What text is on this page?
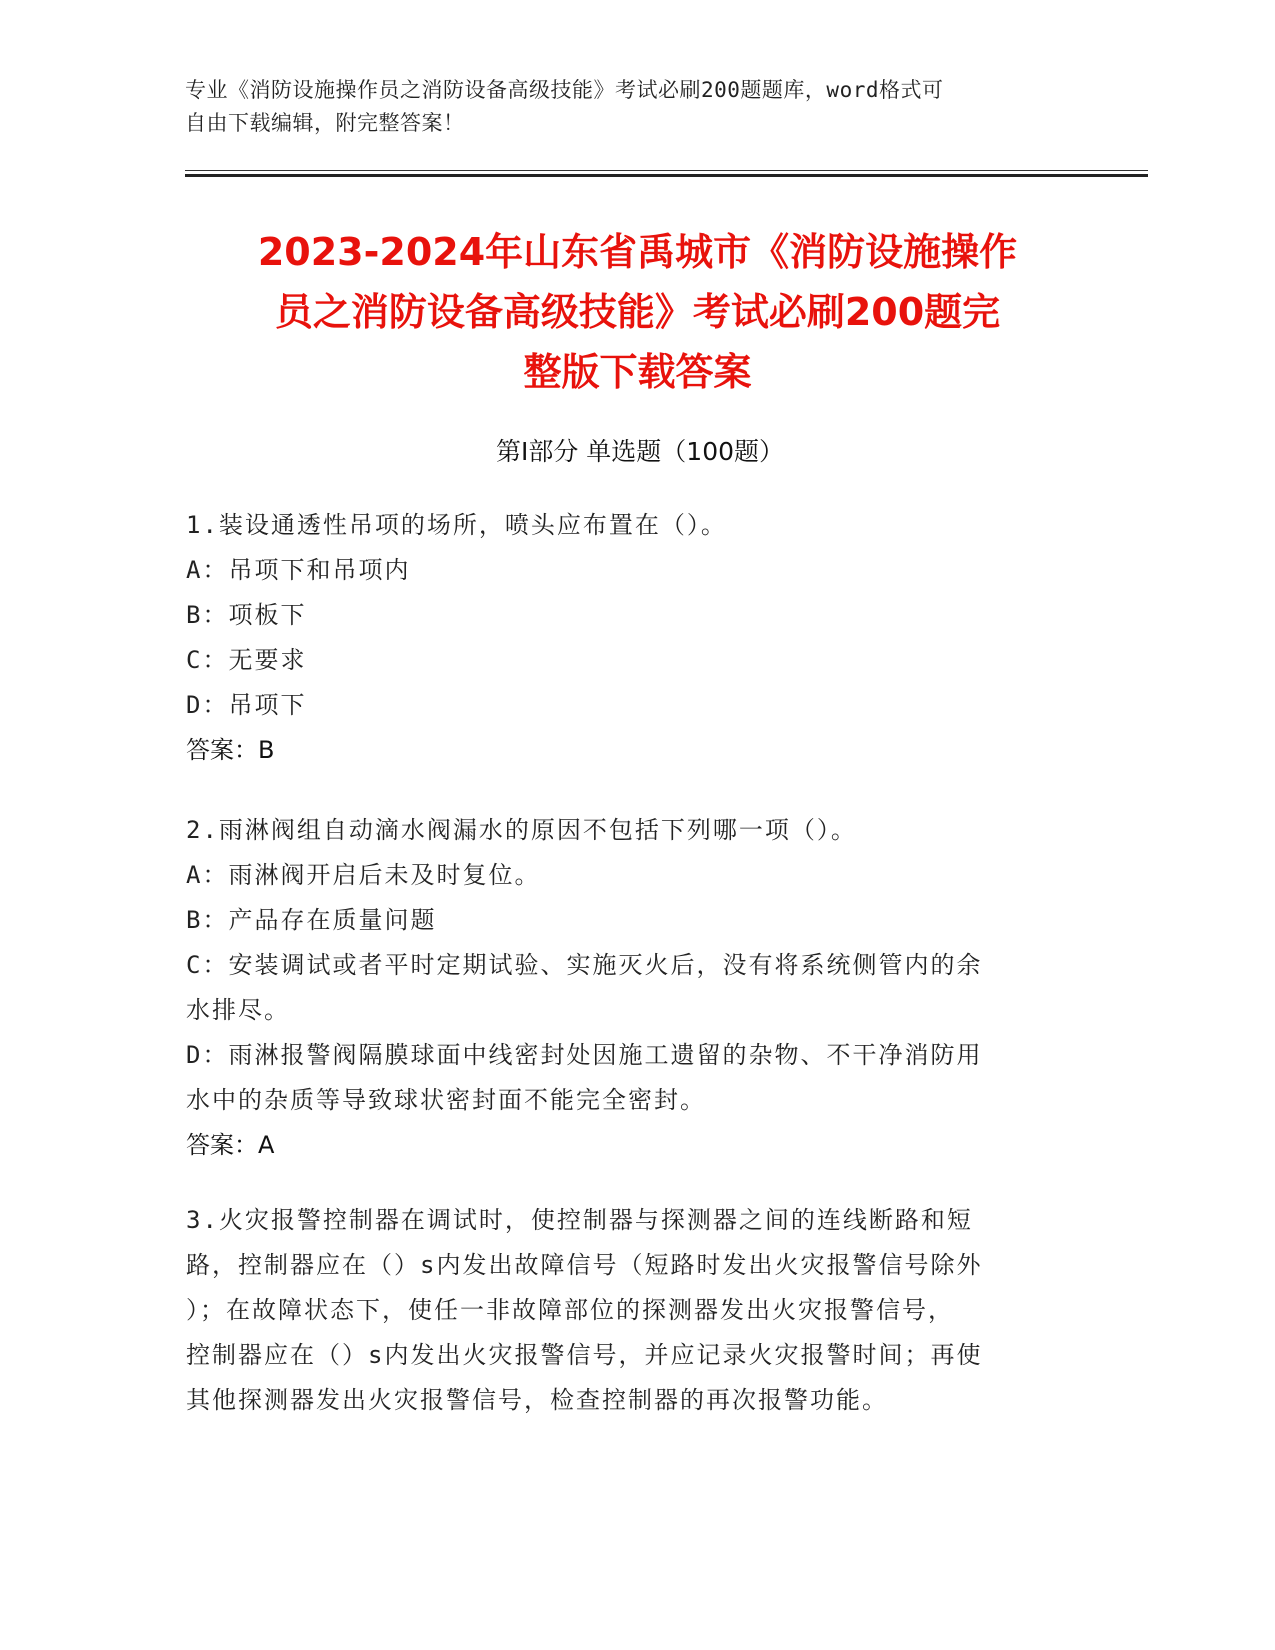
专业《消防设施操作员之消防设备高级技能》考试必刷200题题库，word格式可
自由下载编辑，附完整答案！
2023-2024年山东省禹城市《消防设施操作
员之消防设备高级技能》考试必刷200题完
整版下载答案
第Ⅰ部分 单选题（100题）
1.装设通透性吊项的场所，喷头应布置在（）。
A：吊项下和吊项内
B：项板下
C：无要求
D：吊项下
答案：B
2.雨淋阀组自动滴水阀漏水的原因不包括下列哪一项（）。
A：雨淋阀开启后未及时复位。
B：产品存在质量问题
C：安装调试或者平时定期试验、实施灭火后，没有将系统侧管内的余
水排尽。
D：雨淋报警阀隔膜球面中线密封处因施工遗留的杂物、不干净消防用
水中的杂质等导致球状密封面不能完全密封。
答案：A
3.火灾报警控制器在调试时，使控制器与探测器之间的连线断路和短
路，控制器应在（）s内发出故障信号（短路时发出火灾报警信号除外
）；在故障状态下，使任一非故障部位的探测器发出火灾报警信号，
控制器应在（）s内发出火灾报警信号，并应记录火灾报警时间；再使
其他探测器发出火灾报警信号，检查控制器的再次报警功能。
